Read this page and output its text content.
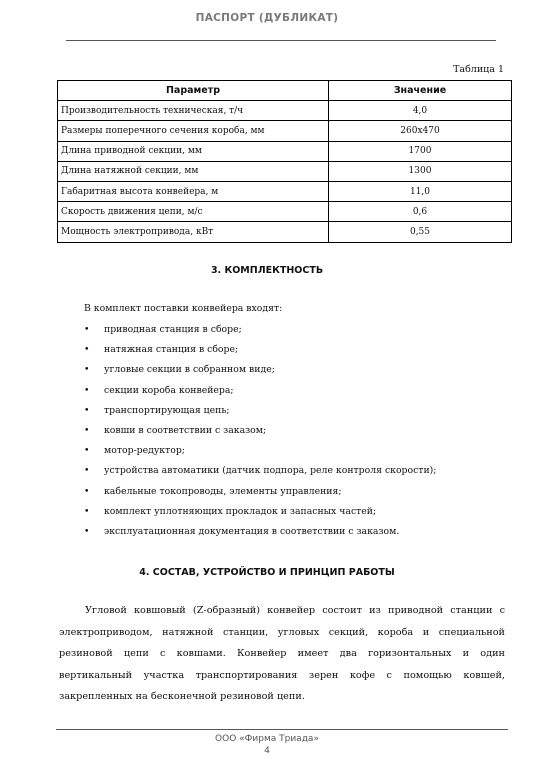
ПАСПОРТ (ДУБЛИКАТ)
Таблица 1
Параметр	Значение
Производительность техническая, т/ч	4,0
Размеры поперечного сечения короба, мм	260х470
Длина приводной секции, мм	1700
Длина натяжной секции, мм	1300
Габаритная высота конвейера, м	11,0
Скорость движения цепи, м/с	0,6
Мощность электропривода, кВт	0,55
3. КОМПЛЕКТНОСТЬ
В комплект поставки конвейера входят:
• приводная станция в сборе;
• натяжная станция в сборе;
• угловые секции в собранном виде;
• секции короба конвейера;
• транспортирующая цепь;
• ковши в соответствии с заказом;
• мотор-редуктор;
• устройства автоматики (датчик подпора, реле контроля скорости);
• кабельные токопроводы, элементы управления;
• комплект уплотняющих прокладок и запасных частей;
• эксплуатационная документация в соответствии с заказом.
4. СОСТАВ, УСТРОЙСТВО И ПРИНЦИП РАБОТЫ
Угловой ковшовый (Z-образный) конвейер состоит из приводной станции с электроприводом, натяжной станции, угловых секций, короба и специальной резиновой цепи с ковшами. Конвейер имеет два горизонтальных и один вертикальный участка транспортирования зерен кофе с помощью ковшей, закрепленных на бесконечной резиновой цепи.
ООО «Фирма Триада»
4
